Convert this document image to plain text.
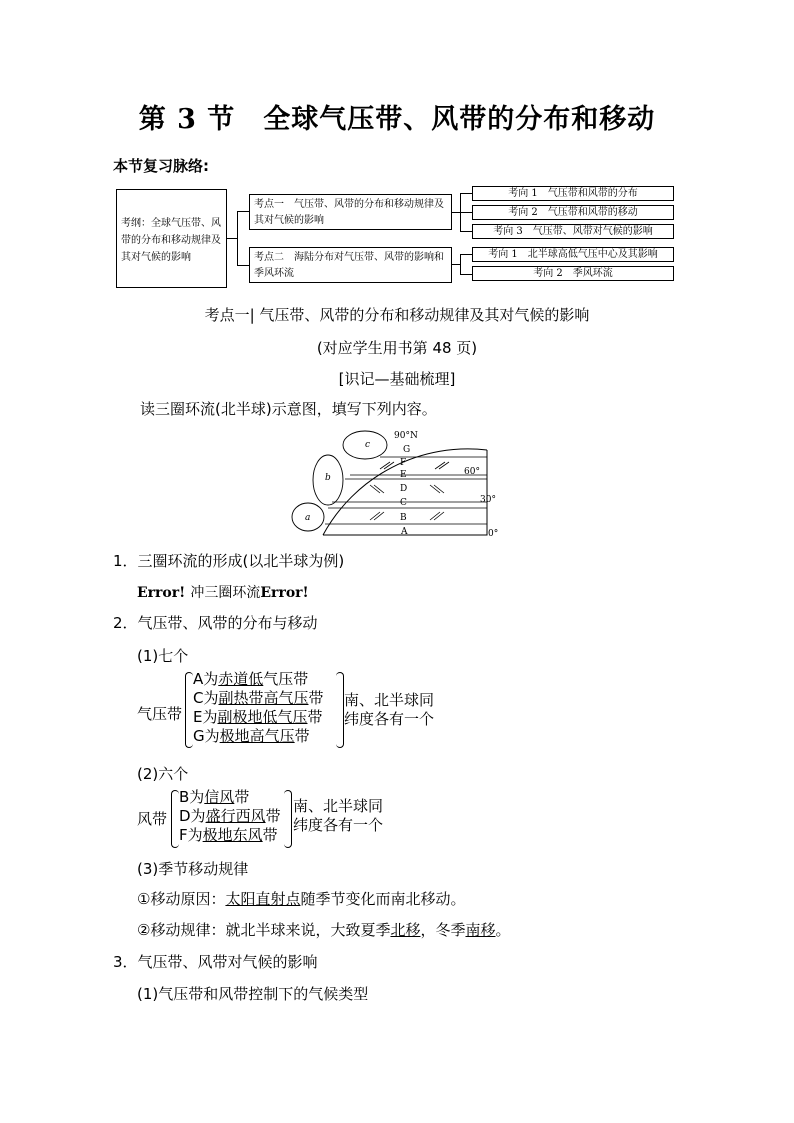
第 3 节　全球气压带、风带的分布和移动
本节复习脉络:
考纲：全球气压带、风带的分布和移动规律及其对气候的影响
考点一　气压带、风带的分布和移动规律及其对气候的影响
考点二　海陆分布对气压带、风带的影响和季风环流
考向 1　气压带和风带的分布
考向 2　气压带和风带的移动
考向 3　气压带、风带对气候的影响
考向 1　北半球高低气压中心及其影响
考向 2　季风环流
考点一| 气压带、风带的分布和移动规律及其对气候的影响
(对应学生用书第 48 页)
[识记—基础梳理]
读三圈环流(北半球)示意图，填写下列内容。
G
F
E
D
C
B
A
c
b
a
90°N
60°
30°
0°
1．三圈环流的形成(以北半球为例)
Error! 冲三圈环流Error!
2．气压带、风带的分布与移动
(1)七个
气压带
A为赤道低气压带
C为副热带高气压带
E为副极地低气压带
G为极地高气压带
南、北半球同
纬度各有一个
(2)六个
风带
B为信风带
D为盛行西风带
F为极地东风带
南、北半球同
纬度各有一个
(3)季节移动规律
①移动原因：太阳直射点随季节变化而南北移动。
②移动规律：就北半球来说，大致夏季北移，冬季南移。
3．气压带、风带对气候的影响
(1)气压带和风带控制下的气候类型
